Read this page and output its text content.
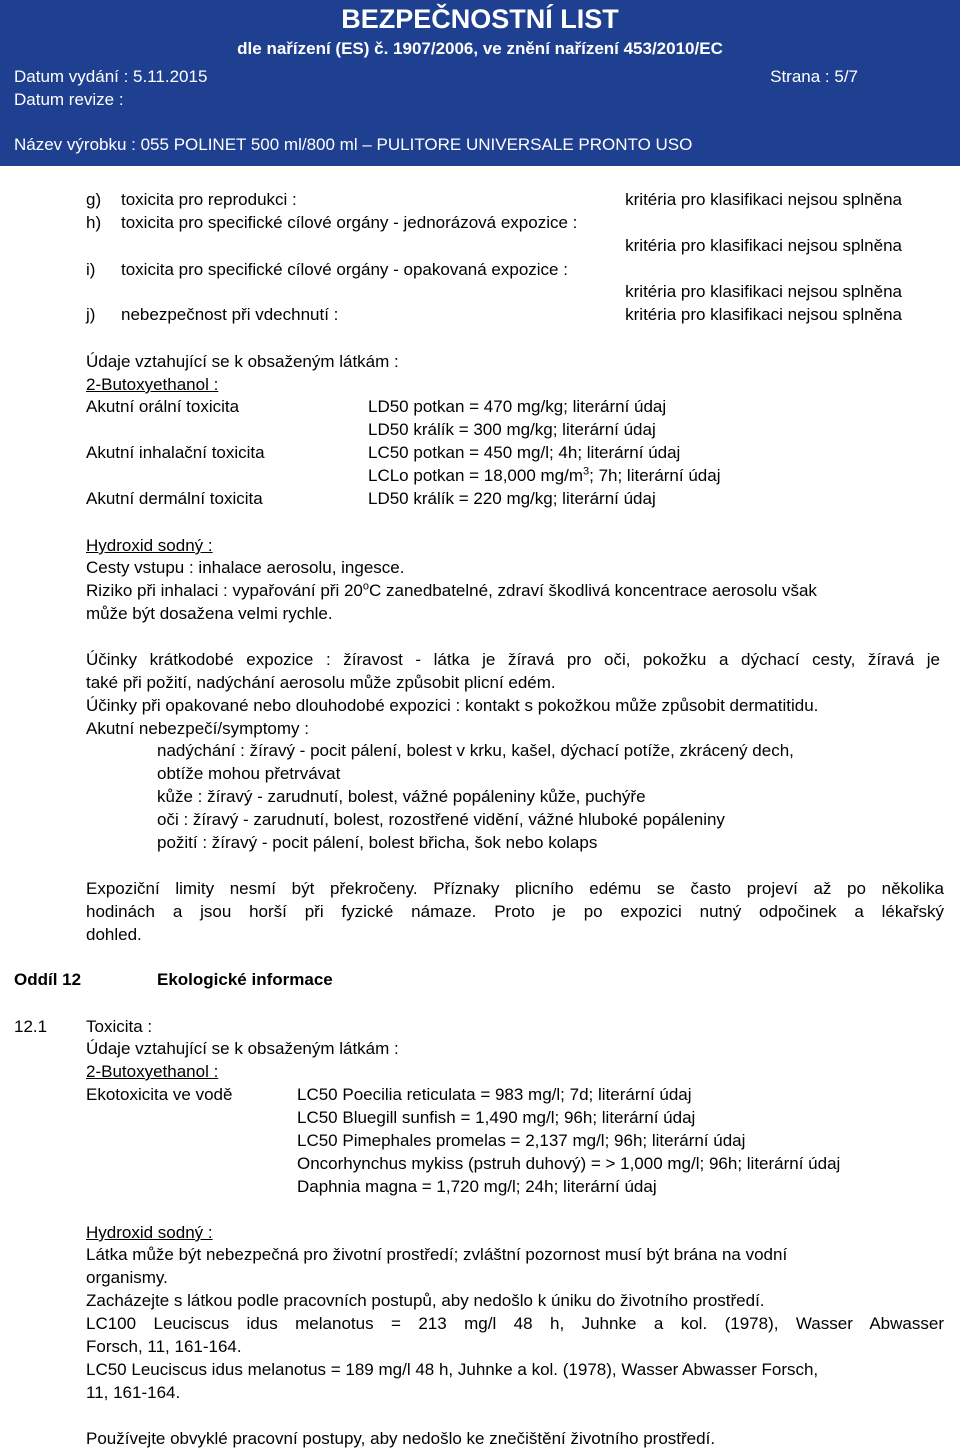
BEZPEČNOSTNÍ LIST
dle nařízení (ES) č. 1907/2006, ve znění nařízení 453/2010/EC
Datum vydání : 5.11.2015	Strana : 5/7
Datum revize :
Název výrobku : 055 POLINET 500 ml/800 ml – PULITORE UNIVERSALE PRONTO USO
g) toxicita pro reprodukci :	kritéria pro klasifikaci nejsou splněna
h) toxicita pro specifické cílové orgány - jednorázová expozice :
kritéria pro klasifikaci nejsou splněna
i) toxicita pro specifické cílové orgány - opakovaná expozice :
kritéria pro klasifikaci nejsou splněna
j) nebezpečnost při vdechnutí :	kritéria pro klasifikaci nejsou splněna
Údaje vztahující se k obsaženým látkám :
2-Butoxyethanol :
Akutní orální toxicita	LD50 potkan = 470 mg/kg; literární údaj
LD50 králík = 300 mg/kg; literární údaj
Akutní inhalační toxicita	LC50 potkan = 450 mg/l; 4h; literární údaj
LCLo potkan = 18,000 $mg/m^3$; 7h; literární údaj
Akutní dermální toxicita	LD50 králík = 220 mg/kg; literární údaj
Hydroxid sodný :
Cesty vstupu : inhalace aerosolu, ingesce.
Riziko při inhalaci : vypařování při 20$^o$C zanedbatelné, zdraví škodlivá koncentrace aerosolu však
může být dosažena velmi rychle.
Účinky krátkodobé expozice : žíravost - látka je žíravá pro oči, pokožku a dýchací cesty, žíravá je
také při požití, nadýchání aerosolu může způsobit plicní edém.
Účinky při opakované nebo dlouhodobé expozici : kontakt s pokožkou může způsobit dermatitidu.
Akutní nebezpečí/symptomy :
nadýchání : žíravý - pocit pálení, bolest v krku, kašel, dýchací potíže, zkrácený dech,
obtíže mohou přetrvávat
kůže : žíravý - zarudnutí, bolest, vážné popáleniny kůže, puchýře
oči : žíravý - zarudnutí, bolest, rozostřené vidění, vážné hluboké popáleniny
požití : žíravý - pocit pálení, bolest břicha, šok nebo kolaps
Expoziční limity nesmí být překročeny. Příznaky plicního edému se často projeví až po několika
hodinách a jsou horší při fyzické námaze. Proto je po expozici nutný odpočinek a lékařský
dohled.
Oddíl 12	Ekologické informace
12.1 Toxicita :
Údaje vztahující se k obsaženým látkám :
2-Butoxyethanol :
Ekotoxicita ve vodě	LC50 Poecilia reticulata = 983 mg/l; 7d; literární údaj
LC50 Bluegill sunfish = 1,490 mg/l; 96h; literární údaj
LC50 Pimephales promelas = 2,137 mg/l; 96h; literární údaj
Oncorhynchus mykiss (pstruh duhový) = > 1,000 mg/l; 96h; literární údaj
Daphnia magna = 1,720 mg/l; 24h; literární údaj
Hydroxid sodný :
Látka může být nebezpečná pro životní prostředí; zvláštní pozornost musí být brána na vodní
organismy.
Zacházejte s látkou podle pracovních postupů, aby nedošlo k úniku do životního prostředí.
LC100 Leuciscus idus melanotus = 213 mg/l 48 h, Juhnke a kol. (1978), Wasser Abwasser
Forsch, 11, 161-164.
LC50 Leuciscus idus melanotus = 189 mg/l 48 h, Juhnke a kol. (1978), Wasser Abwasser Forsch,
11, 161-164.
Používejte obvyklé pracovní postupy, aby nedošlo ke znečištění životního prostředí.
